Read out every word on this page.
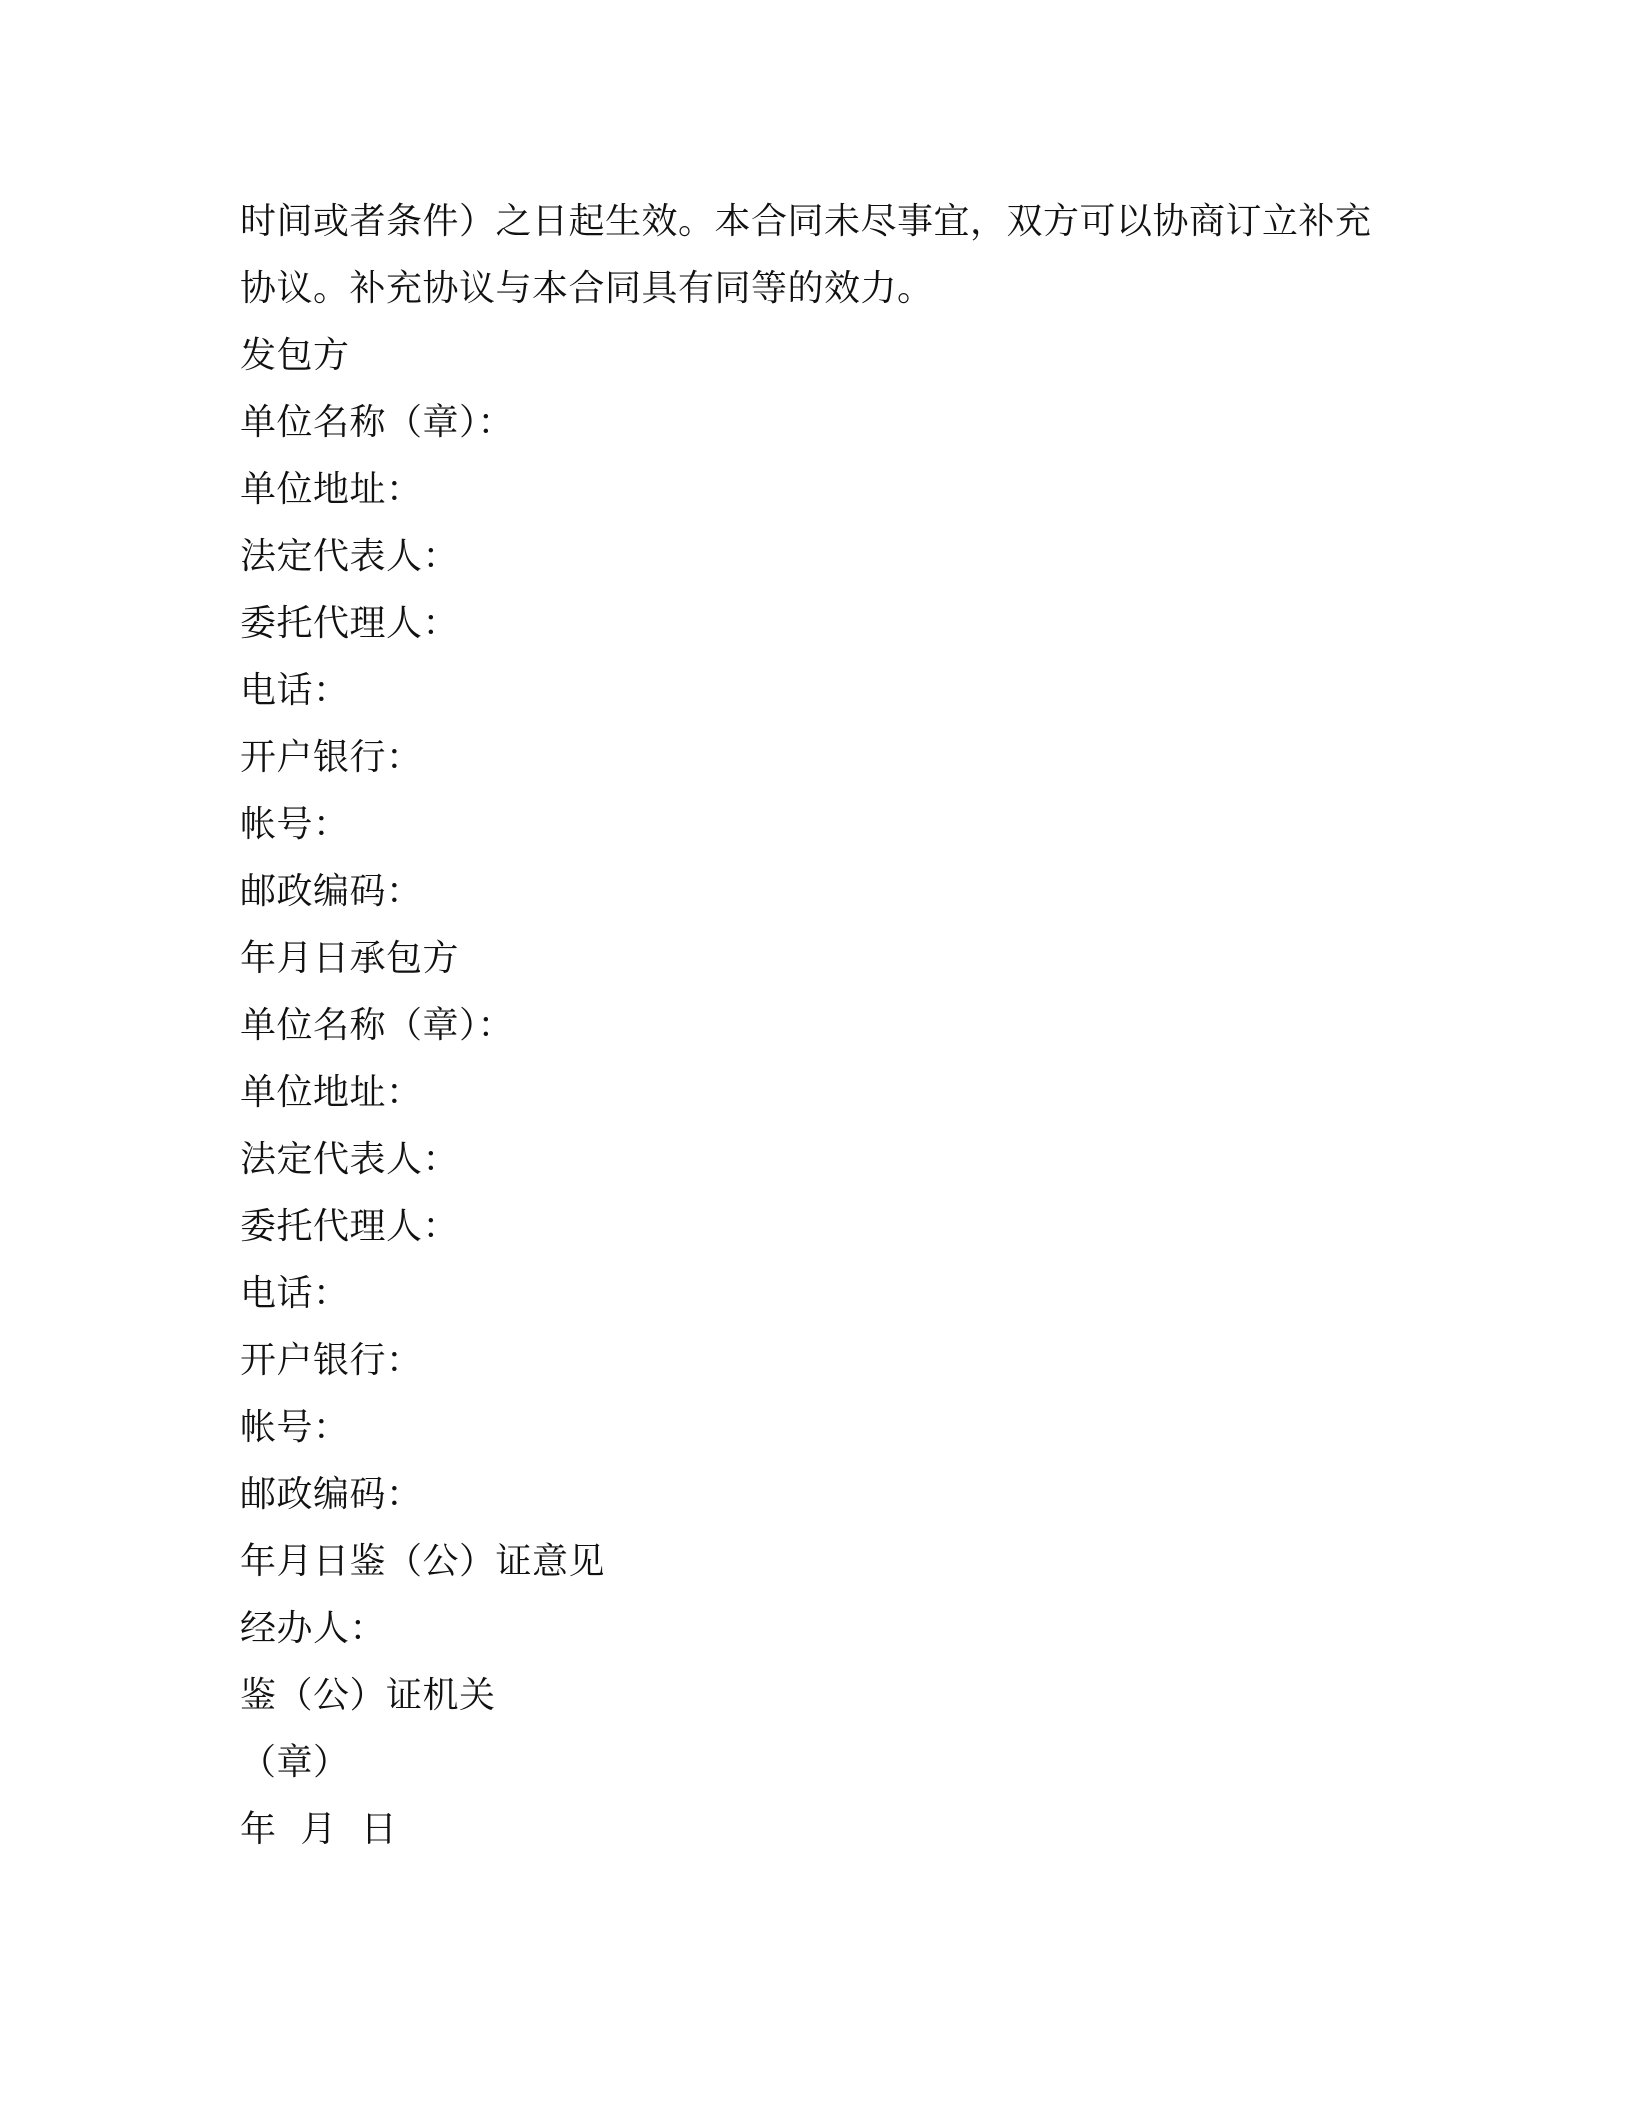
时间或者条件）之日起生效。本合同未尽事宜，双方可以协商订立补充
协议。补充协议与本合同具有同等的效力。
发包方
单位名称（章）：
单位地址：
法定代表人：
委托代理人：
电话：
开户银行：
帐号：
邮政编码：
年月日承包方
单位名称（章）：
单位地址：
法定代表人：
委托代理人：
电话：
开户银行：
帐号：
邮政编码：
年月日鉴（公）证意见
经办人：
鉴（公）证机关
（章）
年  月  日
